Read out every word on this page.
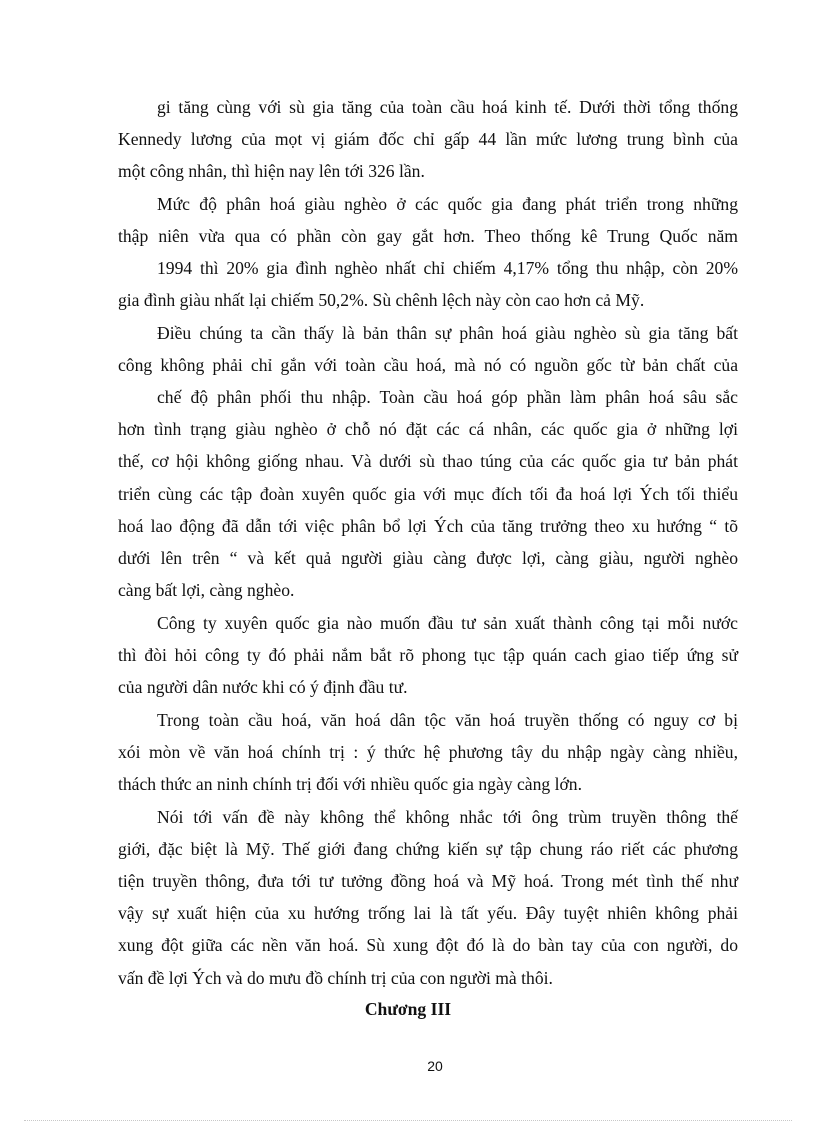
gi tăng cùng với sù gia tăng của toàn cầu hoá kinh tế. Dưới thời tổng thống
Kennedy lương của mọt vị giám đốc chỉ gấp 44 lần mức lương trung bình của
một công nhân, thì hiện nay lên tới 326 lần.
Mức độ phân hoá giàu nghèo ở các quốc gia đang phát triển trong những
thập niên vừa qua có phần còn gay gắt hơn. Theo thống kê Trung Quốc năm
1994 thì 20% gia đình nghèo nhất chỉ chiếm 4,17% tổng thu nhập, còn 20%
gia đình giàu nhất lại chiếm 50,2%. Sù chênh lệch này còn cao hơn cả Mỹ.
Điều chúng ta cần thấy là bản thân sự phân hoá giàu nghèo sù gia tăng bất
công không phải chỉ gắn với toàn cầu hoá, mà nó có nguồn gốc từ bản chất của
chế độ phân phối thu nhập. Toàn cầu hoá góp phần làm phân hoá sâu sắc
hơn tình trạng giàu nghèo ở chỗ nó đặt các cá nhân, các quốc gia ở những lợi
thế, cơ hội không giống nhau. Và dưới sù thao túng của các quốc gia tư bản phát
triển cùng các tập đoàn xuyên quốc gia với mục đích tối đa hoá lợi Ých tối thiểu
hoá lao động đã dẫn tới việc phân bổ lợi Ých của tăng trưởng theo xu hướng “ tõ
dưới lên trên “ và kết quả người giàu càng được lợi, càng giàu, người nghèo
càng bất lợi, càng nghèo.
Công ty xuyên quốc gia nào muốn đầu tư sản xuất thành công tại mỗi nước
thì đòi hỏi công ty đó phải nắm bắt rõ phong tục tập quán cach giao tiếp ứng sử
của người dân nước khi có ý định đầu tư.
Trong toàn cầu hoá, văn hoá dân tộc văn hoá truyền thống có nguy cơ bị
xói mòn về văn hoá chính trị : ý thức hệ phương tây du nhập ngày càng nhiều,
thách thức an ninh chính trị đối với nhiều quốc gia ngày càng lớn.
Nói tới vấn đề này không thể không nhắc tới ông trùm truyền thông thế
giới, đặc biệt là Mỹ. Thế giới đang chứng kiến sự tập chung ráo riết các phương
tiện truyền thông, đưa tới tư tưởng đồng hoá và Mỹ hoá. Trong mét tình thế như
vậy sự xuất hiện của xu hướng trống lai là tất yếu. Đây tuyệt nhiên không phải
xung đột giữa các nền văn hoá. Sù xung đột đó là do bàn tay của con người, do
vấn đề lợi Ých và do mưu đồ chính trị của con người mà thôi.
Chương III
20
